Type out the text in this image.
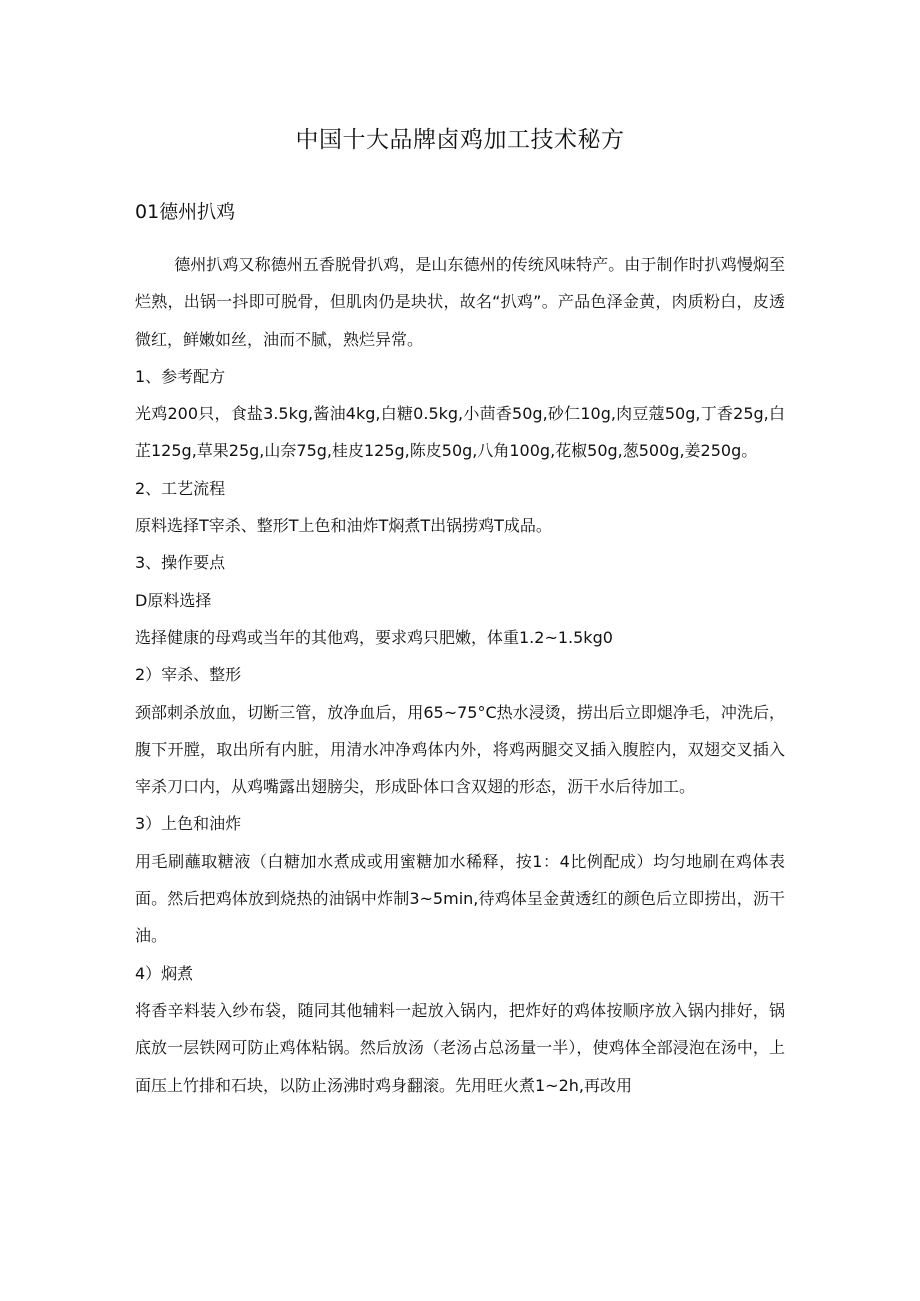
中国十大品牌卤鸡加工技术秘方
01德州扒鸡

德州扒鸡又称德州五香脱骨扒鸡，是山东德州的传统风味特产。由于制作时扒鸡慢焖至烂熟，出锅一抖即可脱骨，但肌肉仍是块状，故名“扒鸡”。产品色泽金黄，肉质粉白，皮透微红，鲜嫩如丝，油而不腻，熟烂异常。

1、参考配方

光鸡200只，食盐3.5kg,酱油4kg,白糖0.5kg,小茴香50g,砂仁10g,肉豆蔻50g,丁香25g,白芷125g,草果25g,山奈75g,桂皮125g,陈皮50g,八角100g,花椒50g,葱500g,姜250g。

2、工艺流程

原料选择T宰杀、整形T上色和油炸T焖煮T出锅捞鸡T成品。

3、操作要点

D原料选择

选择健康的母鸡或当年的其他鸡，要求鸡只肥嫩，体重1.2~1.5kg0

2）宰杀、整形

颈部刺杀放血，切断三管，放净血后，用65~75°C热水浸烫，捞出后立即煺净毛，冲洗后，腹下开膛，取出所有内脏，用清水冲净鸡体内外，将鸡两腿交叉插入腹腔内，双翅交叉插入宰杀刀口内，从鸡嘴露出翅膀尖，形成卧体口含双翅的形态，沥干水后待加工。

3）上色和油炸

用毛刷蘸取糖液（白糖加水煮成或用蜜糖加水稀释，按1：4比例配成）均匀地刷在鸡体表面。然后把鸡体放到烧热的油锅中炸制3~5min,待鸡体呈金黄透红的颜色后立即捞出，沥干油。

4）焖煮

将香辛料装入纱布袋，随同其他辅料一起放入锅内，把炸好的鸡体按顺序放入锅内排好，锅底放一层铁网可防止鸡体粘锅。然后放汤（老汤占总汤量一半），使鸡体全部浸泡在汤中，上面压上竹排和石块，以防止汤沸时鸡身翻滚。先用旺火煮1~2h,再改用
